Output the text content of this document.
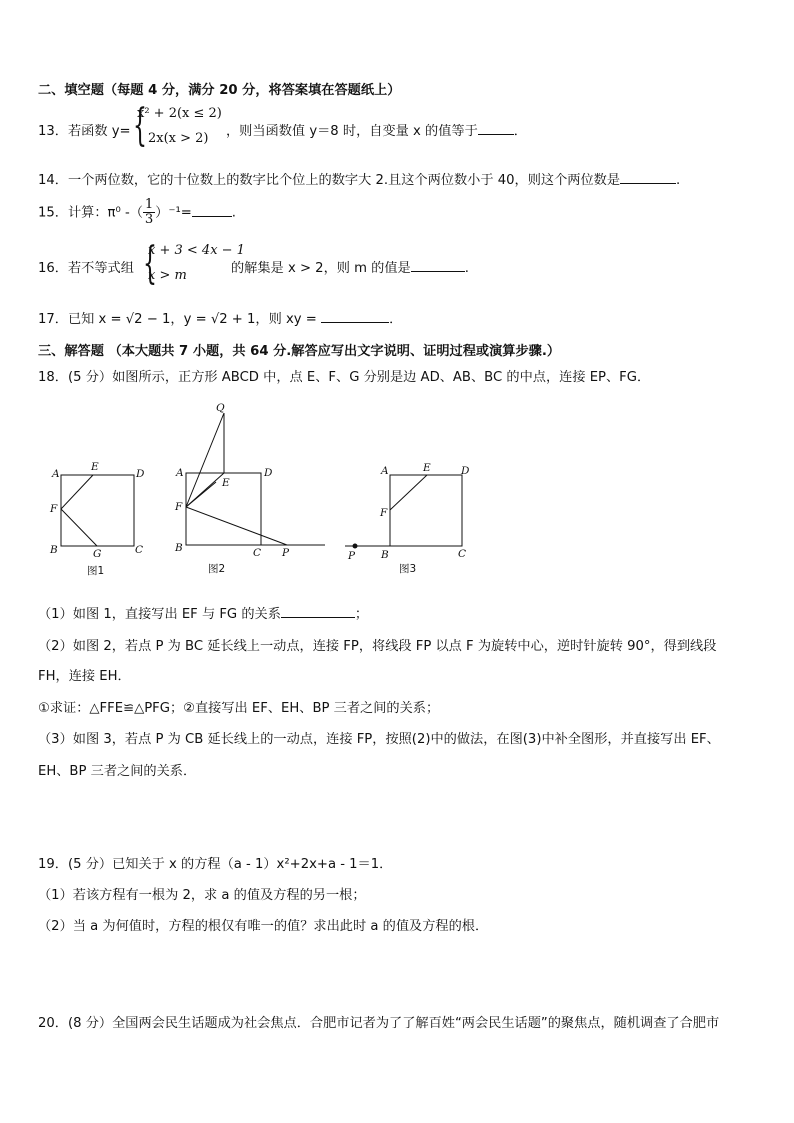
二、填空题（每题 4 分，满分 20 分，将答案填在答题纸上）
13．若函数 y= {
x² + 2(x ≤ 2)
2x(x > 2) ，则当函数值 y＝8 时，自变量 x 的值等于	．
14．一个两位数，它的十位数上的数字比个位上的数字大 2.且这个两位数小于 40，则这个两位数是	.
15．计算：π⁰ -（ $\frac{1}{3} )^{-1}=$	.
16．若不等式组 {
x + 3 < 4x − 1
x > m	的解集是 x > 2，则 m 的值是	.
17．已知 x = √2 − 1，y = √2 + 1，则 xy =	．
三、解答题 （本大题共 7 小题，共 64 分.解答应写出文字说明、证明过程或演算步骤.）
18．(5 分）如图所示，正方形 ABCD 中，点 E、F、G 分别是边 AD、AB、BC 的中点，连接 EP、FG．
A
E
D
F
B	G	C
图1
Q
A
E
D
F
B	C P
图2
A	E	D
F
B	C
P
图3
（1）如图 1，直接写出 EF 与 FG 的关系	；
（2）如图 2，若点 P 为 BC 延长线上一动点，连接 FP，将线段 FP 以点 F 为旋转中心，逆时针旋转 90°，得到线段
FH，连接 EH．
①求证：△FFE≌△PFG；②直接写出 EF、EH、BP 三者之间的关系；
（3）如图 3，若点 P 为 CB 延长线上的一动点，连接 FP，按照(2)中的做法，在图(3)中补全图形，并直接写出 EF、
EH、BP 三者之间的关系．
19．(5 分）已知关于 x 的方程（a - 1）x²+2x+a - 1＝1．
（1）若该方程有一根为 2，求 a 的值及方程的另一根；
（2）当 a 为何值时，方程的根仅有唯一的值？求出此时 a 的值及方程的根．
20．(8 分）全国两会民生话题成为社会焦点．合肥市记者为了了解百姓“两会民生话题”的聚焦点，随机调查了合肥市
